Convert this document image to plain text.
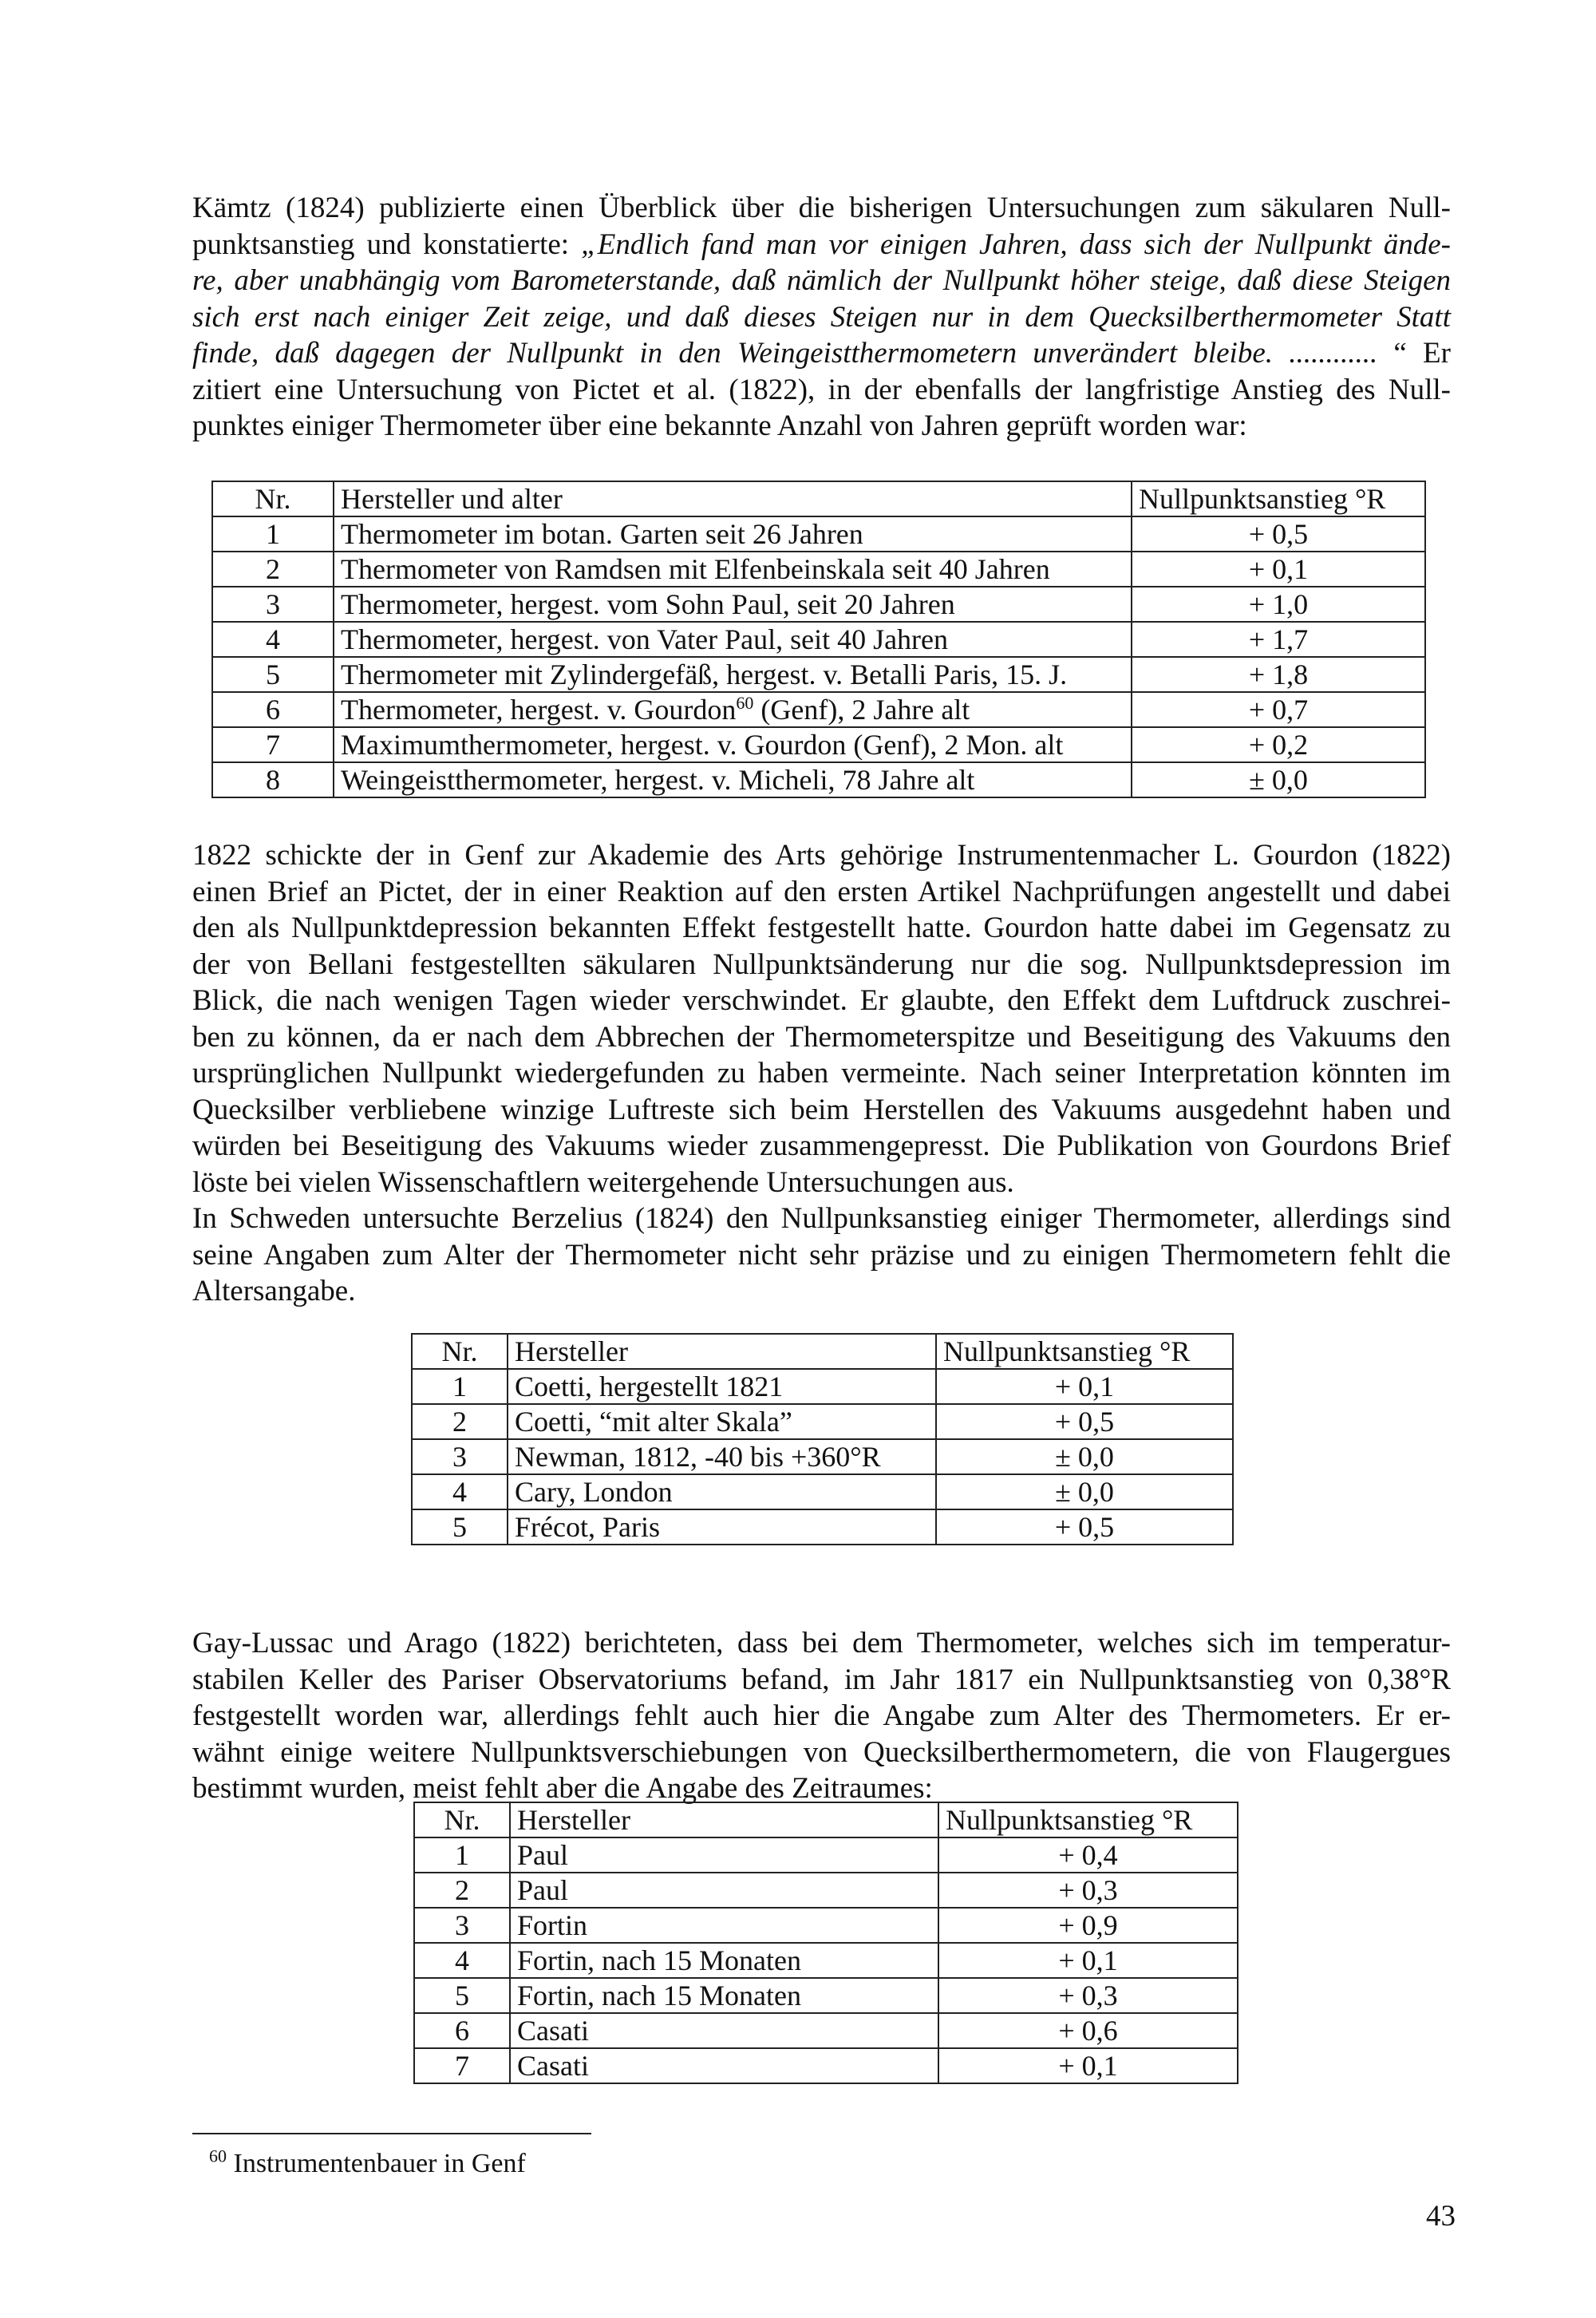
Kämtz (1824) publizierte einen Überblick über die bisherigen Untersuchungen zum säkularen Null-
punktsanstieg und konstatierte: „Endlich fand man vor einigen Jahren, dass sich der Nullpunkt ände-
re, aber unabhängig vom Barometerstande, daß nämlich der Nullpunkt höher steige, daß diese Steigen
sich erst nach einiger Zeit zeige, und daß dieses Steigen nur in dem Quecksilberthermometer Statt
finde, daß dagegen der Nullpunkt in den Weingeistthermometern unverändert bleibe. ............ “ Er
zitiert eine Untersuchung von Pictet et al. (1822), in der ebenfalls der langfristige Anstieg des Null-
punktes einiger Thermometer über eine bekannte Anzahl von Jahren geprüft worden war:
Nr.	Hersteller und alter	Nullpunktsanstieg °R
1	Thermometer im botan. Garten seit 26 Jahren	+ 0,5
2	Thermometer von Ramdsen mit Elfenbeinskala seit 40 Jahren	+ 0,1
3	Thermometer, hergest. vom Sohn Paul, seit 20 Jahren	+ 1,0
4	Thermometer, hergest. von Vater Paul, seit 40 Jahren	+ 1,7
5	Thermometer mit Zylindergefäß, hergest. v. Betalli Paris, 15. J.	+ 1,8
6	Thermometer, hergest. v. Gourdon$^{60}$ (Genf), 2 Jahre alt	+ 0,7
7	Maximumthermometer, hergest. v. Gourdon (Genf), 2 Mon. alt	+ 0,2
8	Weingeistthermometer, hergest. v. Micheli, 78 Jahre alt	± 0,0
1822 schickte der in Genf zur Akademie des Arts gehörige Instrumentenmacher L. Gourdon (1822)
einen Brief an Pictet, der in einer Reaktion auf den ersten Artikel Nachprüfungen angestellt und dabei
den als Nullpunktdepression bekannten Effekt festgestellt hatte. Gourdon hatte dabei im Gegensatz zu
der von Bellani festgestellten säkularen Nullpunktsänderung nur die sog. Nullpunktsdepression im
Blick, die nach wenigen Tagen wieder verschwindet. Er glaubte, den Effekt dem Luftdruck zuschrei-
ben zu können, da er nach dem Abbrechen der Thermometerspitze und Beseitigung des Vakuums den
ursprünglichen Nullpunkt wiedergefunden zu haben vermeinte. Nach seiner Interpretation könnten im
Quecksilber verbliebene winzige Luftreste sich beim Herstellen des Vakuums ausgedehnt haben und
würden bei Beseitigung des Vakuums wieder zusammengepresst. Die Publikation von Gourdons Brief
löste bei vielen Wissenschaftlern weitergehende Untersuchungen aus.
In Schweden untersuchte Berzelius (1824) den Nullpunksanstieg einiger Thermometer, allerdings sind
seine Angaben zum Alter der Thermometer nicht sehr präzise und zu einigen Thermometern fehlt die
Altersangabe.
Nr.	Hersteller	Nullpunktsanstieg °R
1	Coetti, hergestellt 1821	+ 0,1
2	Coetti, “mit alter Skala”	+ 0,5
3	Newman, 1812, -40 bis +360°R	± 0,0
4	Cary, London	± 0,0
5	Frécot, Paris	+ 0,5
Gay-Lussac und Arago (1822) berichteten, dass bei dem Thermometer, welches sich im temperatur-
stabilen Keller des Pariser Observatoriums befand, im Jahr 1817 ein Nullpunktsanstieg von 0,38°R
festgestellt worden war, allerdings fehlt auch hier die Angabe zum Alter des Thermometers. Er er-
wähnt einige weitere Nullpunktsverschiebungen von Quecksilberthermometern, die von Flaugergues
bestimmt wurden, meist fehlt aber die Angabe des Zeitraumes:
Nr.	Hersteller	Nullpunktsanstieg °R
1	Paul	+ 0,4
2	Paul	+ 0,3
3	Fortin	+ 0,9
4	Fortin, nach 15 Monaten	+ 0,1
5	Fortin, nach 15 Monaten	+ 0,3
6	Casati	+ 0,6
7	Casati	+ 0,1
$^{60}$ Instrumentenbauer in Genf
43
